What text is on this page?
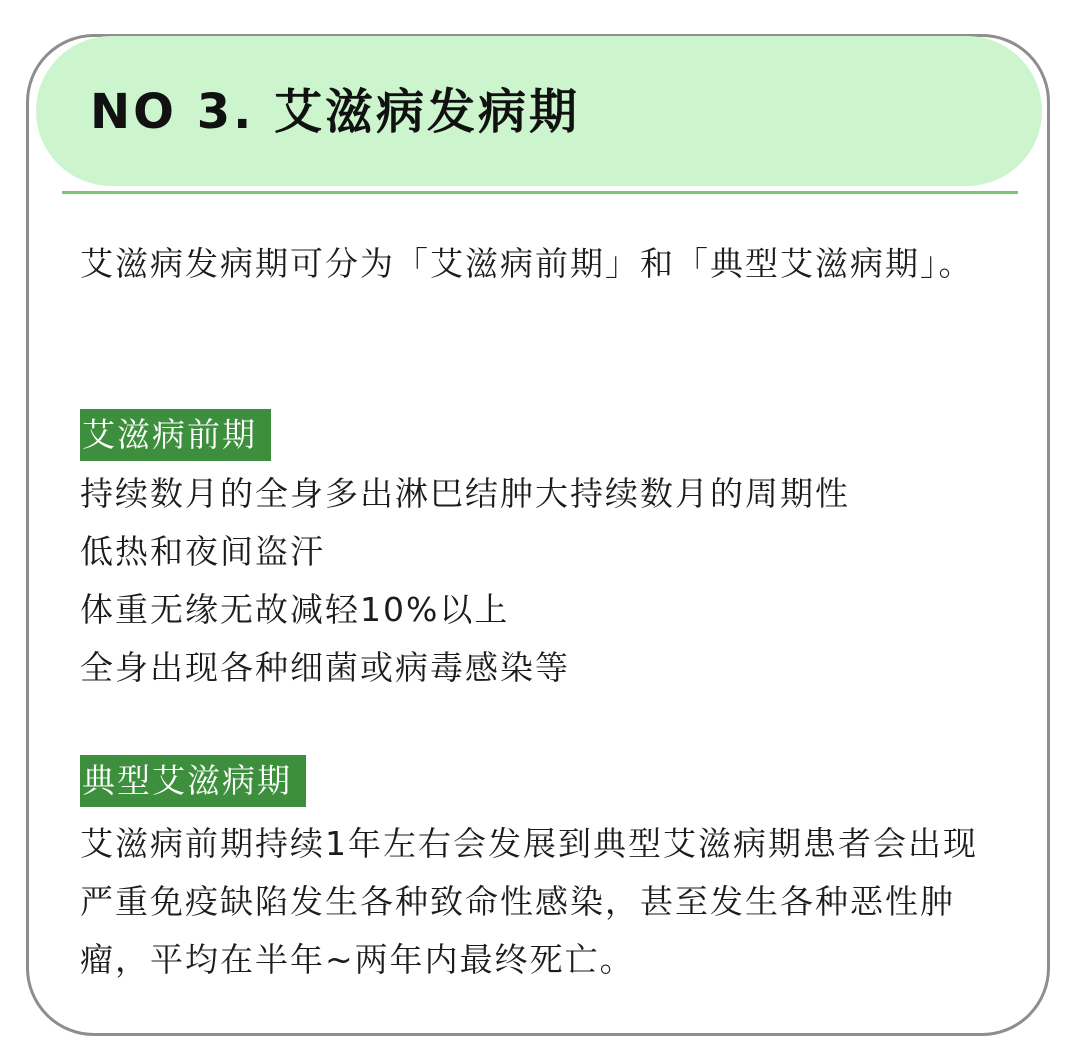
NO 3. 艾滋病发病期

艾滋病发病期可分为「艾滋病前期」和「典型艾滋病期」。

艾滋病前期
持续数月的全身多出淋巴结肿大持续数月的周期性
低热和夜间盗汗
体重无缘无故减轻10%以上
全身出现各种细菌或病毒感染等
典型艾滋病期

艾滋病前期持续1年左右会发展到典型艾滋病期患者会出现严重免疫缺陷发生各种致命性感染，甚至发生各种恶性肿瘤，平均在半年~两年内最终死亡。
